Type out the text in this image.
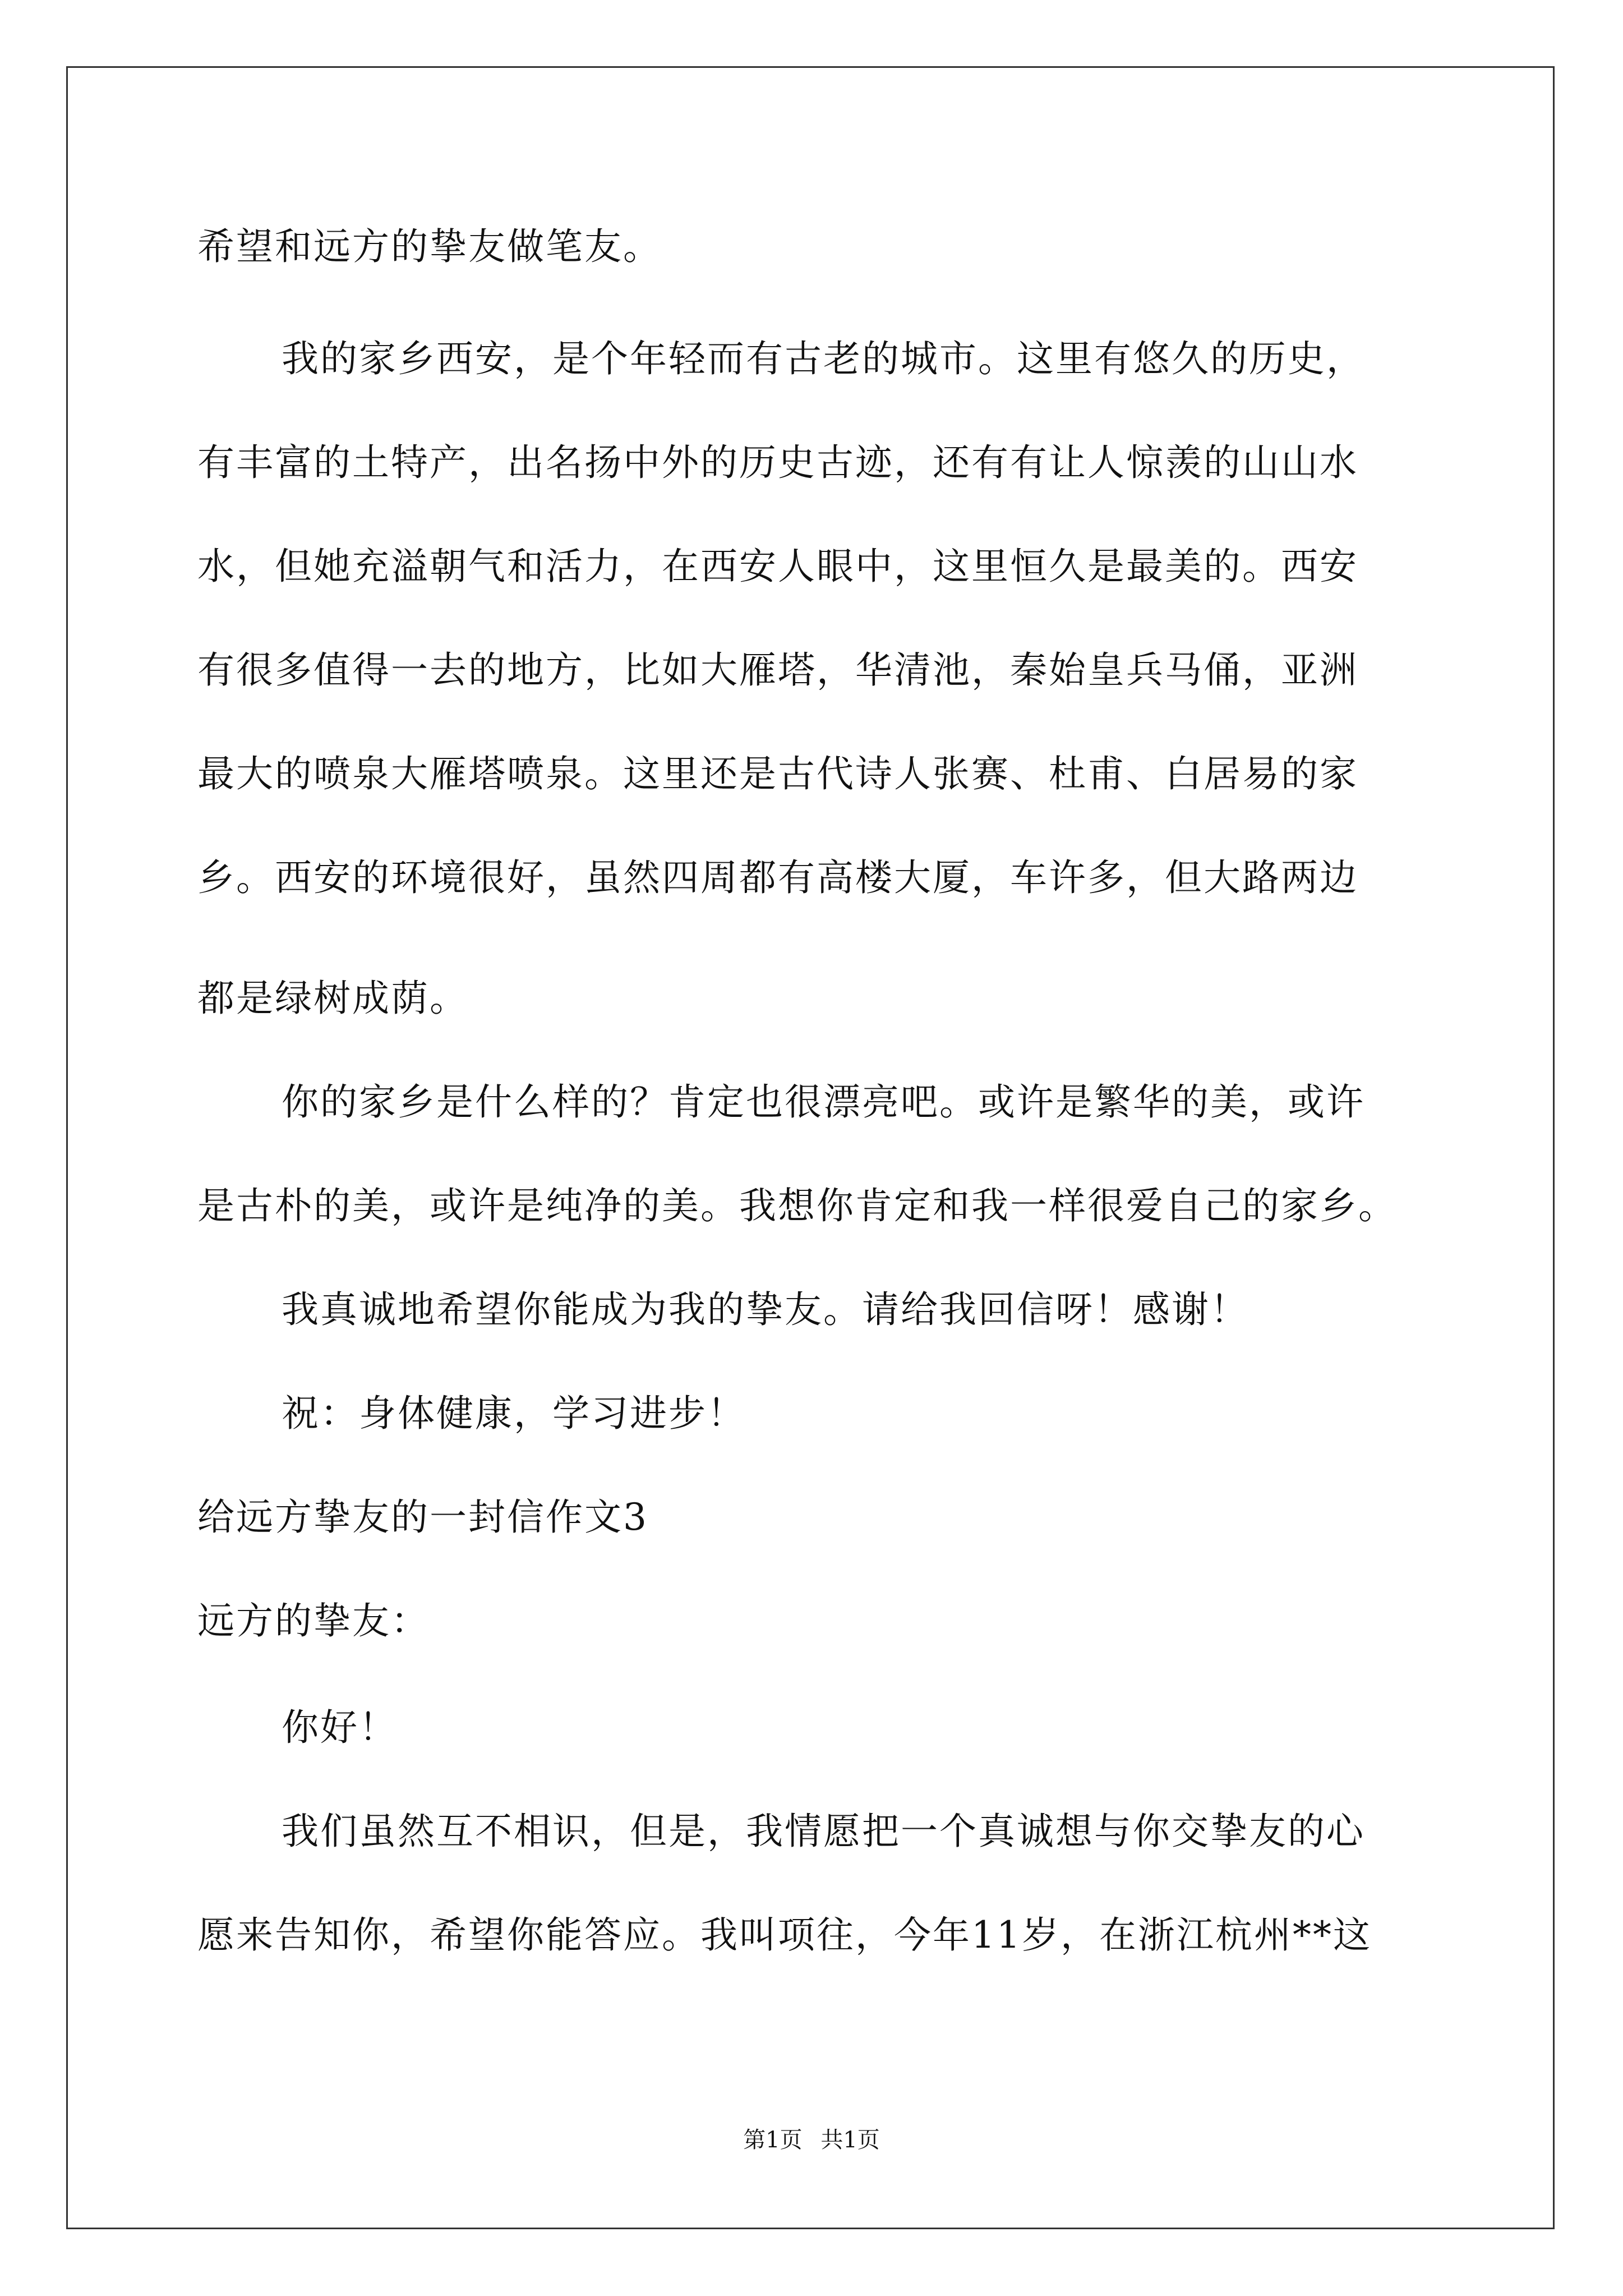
希望和远方的挚友做笔友。
我的家乡西安，是个年轻而有古老的城市。这里有悠久的历史，
有丰富的土特产，出名扬中外的历史古迹，还有有让人惊羡的山山水
水，但她充溢朝气和活力，在西安人眼中，这里恒久是最美的。西安
有很多值得一去的地方，比如大雁塔，华清池，秦始皇兵马俑，亚洲
最大的喷泉大雁塔喷泉。这里还是古代诗人张赛、杜甫、白居易的家
乡。西安的环境很好，虽然四周都有高楼大厦，车许多，但大路两边
都是绿树成荫。
你的家乡是什么样的？肯定也很漂亮吧。或许是繁华的美，或许
是古朴的美，或许是纯净的美。我想你肯定和我一样很爱自己的家乡。
我真诚地希望你能成为我的挚友。请给我回信呀！感谢！
祝：身体健康，学习进步！
给远方挚友的一封信作文3
远方的挚友：
你好！
我们虽然互不相识，但是，我情愿把一个真诚想与你交挚友的心
愿来告知你，希望你能答应。我叫项往，今年11岁，在浙江杭州**这
第1页 共1页
